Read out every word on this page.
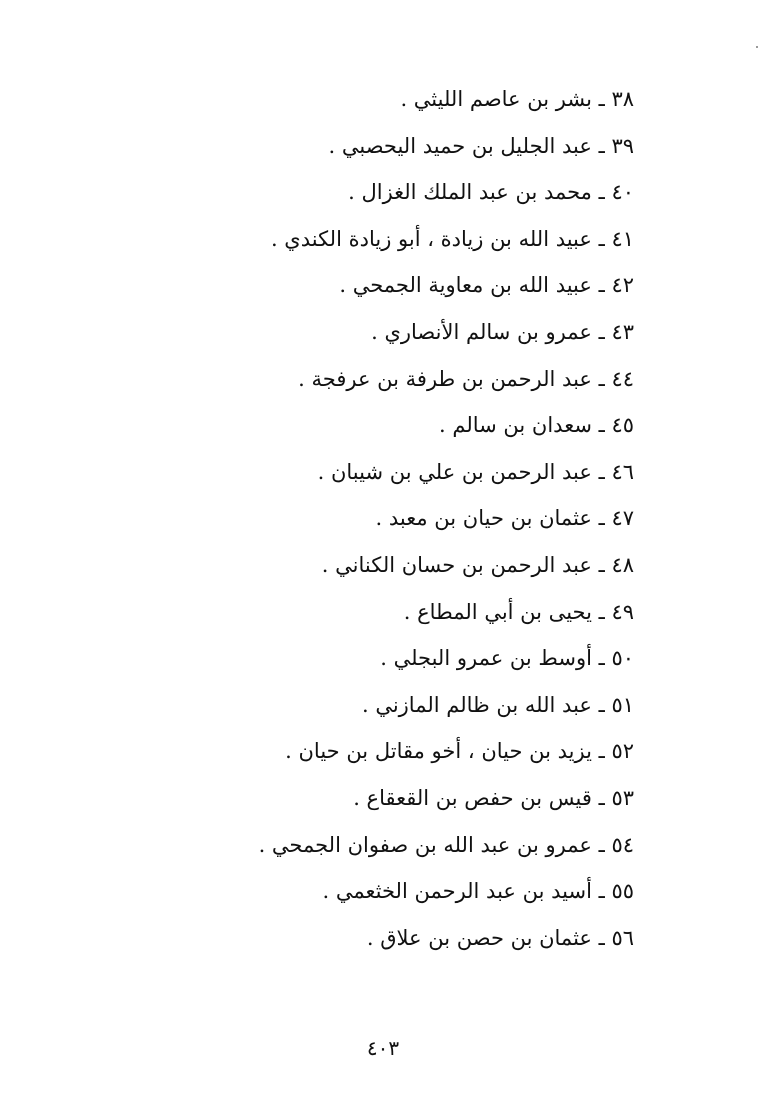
٣٨ ـ بشر بن عاصم الليثي .
٣٩ ـ عبد الجليل بن حميد اليحصبي .
٤٠ ـ محمد بن عبد الملك الغزال .
٤١ ـ عبيد الله بن زيادة ، أبو زيادة الكندي .
٤٢ ـ عبيد الله بن معاوية الجمحي .
٤٣ ـ عمرو بن سالم الأنصاري .
٤٤ ـ عبد الرحمن بن طرفة بن عرفجة .
٤٥ ـ سعدان بن سالم .
٤٦ ـ عبد الرحمن بن علي بن شيبان .
٤٧ ـ عثمان بن حيان بن معبد .
٤٨ ـ عبد الرحمن بن حسان الكناني .
٤٩ ـ يحيى بن أبي المطاع .
٥٠ ـ أوسط بن عمرو البجلي .
٥١ ـ عبد الله بن ظالم المازني .
٥٢ ـ يزيد بن حيان ، أخو مقاتل بن حيان .
٥٣ ـ قيس بن حفص بن القعقاع .
٥٤ ـ عمرو بن عبد الله بن صفوان الجمحي .
٥٥ ـ أسيد بن عبد الرحمن الخثعمي .
٥٦ ـ عثمان بن حصن بن علاق .
٤٠٣
